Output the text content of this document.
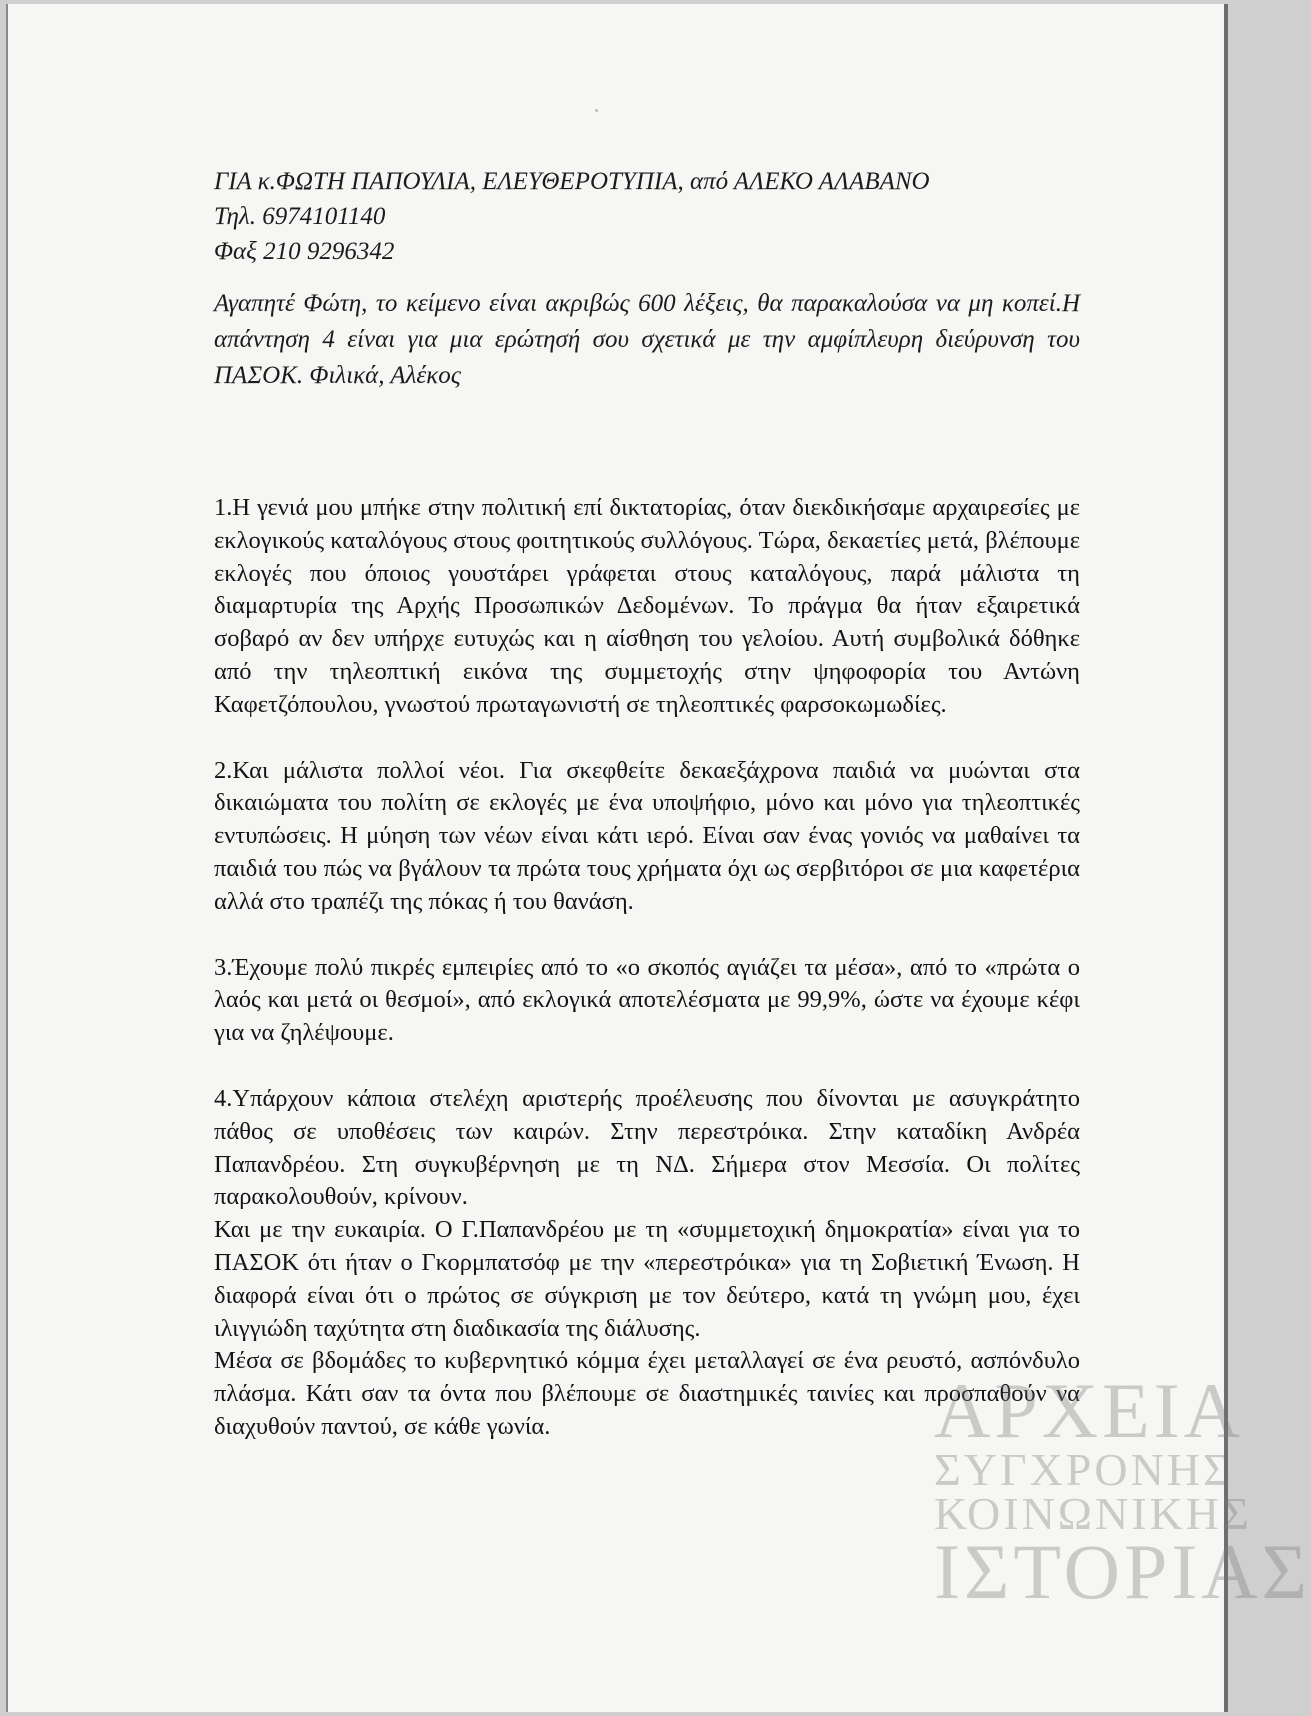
ΓΙΑ κ.ΦΩΤΗ ΠΑΠΟΥΛΙΑ, ΕΛΕΥΘΕΡΟΤΥΠΙΑ, από ΑΛΕΚΟ ΑΛΑΒΑΝΟ
Τηλ. 6974101140
Φαξ 210 9296342
Αγαπητέ Φώτη, το κείμενο είναι ακριβώς 600 λέξεις, θα παρακαλούσα να μη κοπεί.Η απάντηση 4 είναι για μια ερώτησή σου σχετικά με την αμφίπλευρη διεύρυνση του ΠΑΣΟΚ. Φιλικά, Αλέκος

1.Η γενιά μου μπήκε στην πολιτική επί δικτατορίας, όταν διεκδικήσαμε αρχαιρεσίες με εκλογικούς καταλόγους στους φοιτητικούς συλλόγους. Τώρα, δεκαετίες μετά, βλέπουμε εκλογές που όποιος γουστάρει γράφεται στους καταλόγους, παρά μάλιστα τη διαμαρτυρία της Αρχής Προσωπικών Δεδομένων. Το πράγμα θα ήταν εξαιρετικά σοβαρό αν δεν υπήρχε ευτυχώς και η αίσθηση του γελοίου. Αυτή συμβολικά δόθηκε από την τηλεοπτική εικόνα της συμμετοχής στην ψηφοφορία του Αντώνη Καφετζόπουλου, γνωστού πρωταγωνιστή σε τηλεοπτικές φαρσοκωμωδίες.

2.Και μάλιστα πολλοί νέοι. Για σκεφθείτε δεκαεξάχρονα παιδιά να μυώνται στα δικαιώματα του πολίτη σε εκλογές με ένα υποψήφιο, μόνο και μόνο για τηλεοπτικές εντυπώσεις. Η μύηση των νέων είναι κάτι ιερό. Είναι σαν ένας γονιός να μαθαίνει τα παιδιά του πώς να βγάλουν τα πρώτα τους χρήματα όχι ως σερβιτόροι σε μια καφετέρια αλλά στο τραπέζι της πόκας ή του θανάση.

3.Έχουμε πολύ πικρές εμπειρίες από το «ο σκοπός αγιάζει τα μέσα», από το «πρώτα ο λαός και μετά οι θεσμοί», από εκλογικά αποτελέσματα με 99,9%, ώστε να έχουμε κέφι για να ζηλέψουμε.

4.Υπάρχουν κάποια στελέχη αριστερής προέλευσης που δίνονται με ασυγκράτητο πάθος σε υποθέσεις των καιρών. Στην περεστρόικα. Στην καταδίκη Ανδρέα Παπανδρέου. Στη συγκυβέρνηση με τη ΝΔ. Σήμερα στον Μεσσία. Οι πολίτες παρακολουθούν, κρίνουν.

Και με την ευκαιρία. Ο Γ.Παπανδρέου με τη «συμμετοχική δημοκρατία» είναι για το ΠΑΣΟΚ ότι ήταν ο Γκορμπατσόφ με την «περεστρόικα» για τη Σοβιετική Ένωση. Η διαφορά είναι ότι ο πρώτος σε σύγκριση με τον δεύτερο, κατά τη γνώμη μου, έχει ιλιγγιώδη ταχύτητα στη διαδικασία της διάλυσης.

Μέσα σε βδομάδες το κυβερνητικό κόμμα έχει μεταλλαγεί σε ένα ρευστό, ασπόνδυλο πλάσμα. Κάτι σαν τα όντα που βλέπουμε σε διαστημικές ταινίες και προσπαθούν να διαχυθούν παντού, σε κάθε γωνία.	ΑΡΧΕΙΑ
ΣΥΓΧΡΟΝΗΣ
ΚΟΙΝΩΝΙΚΗΣ
ΙΣΤΟΡΙΑΣ
